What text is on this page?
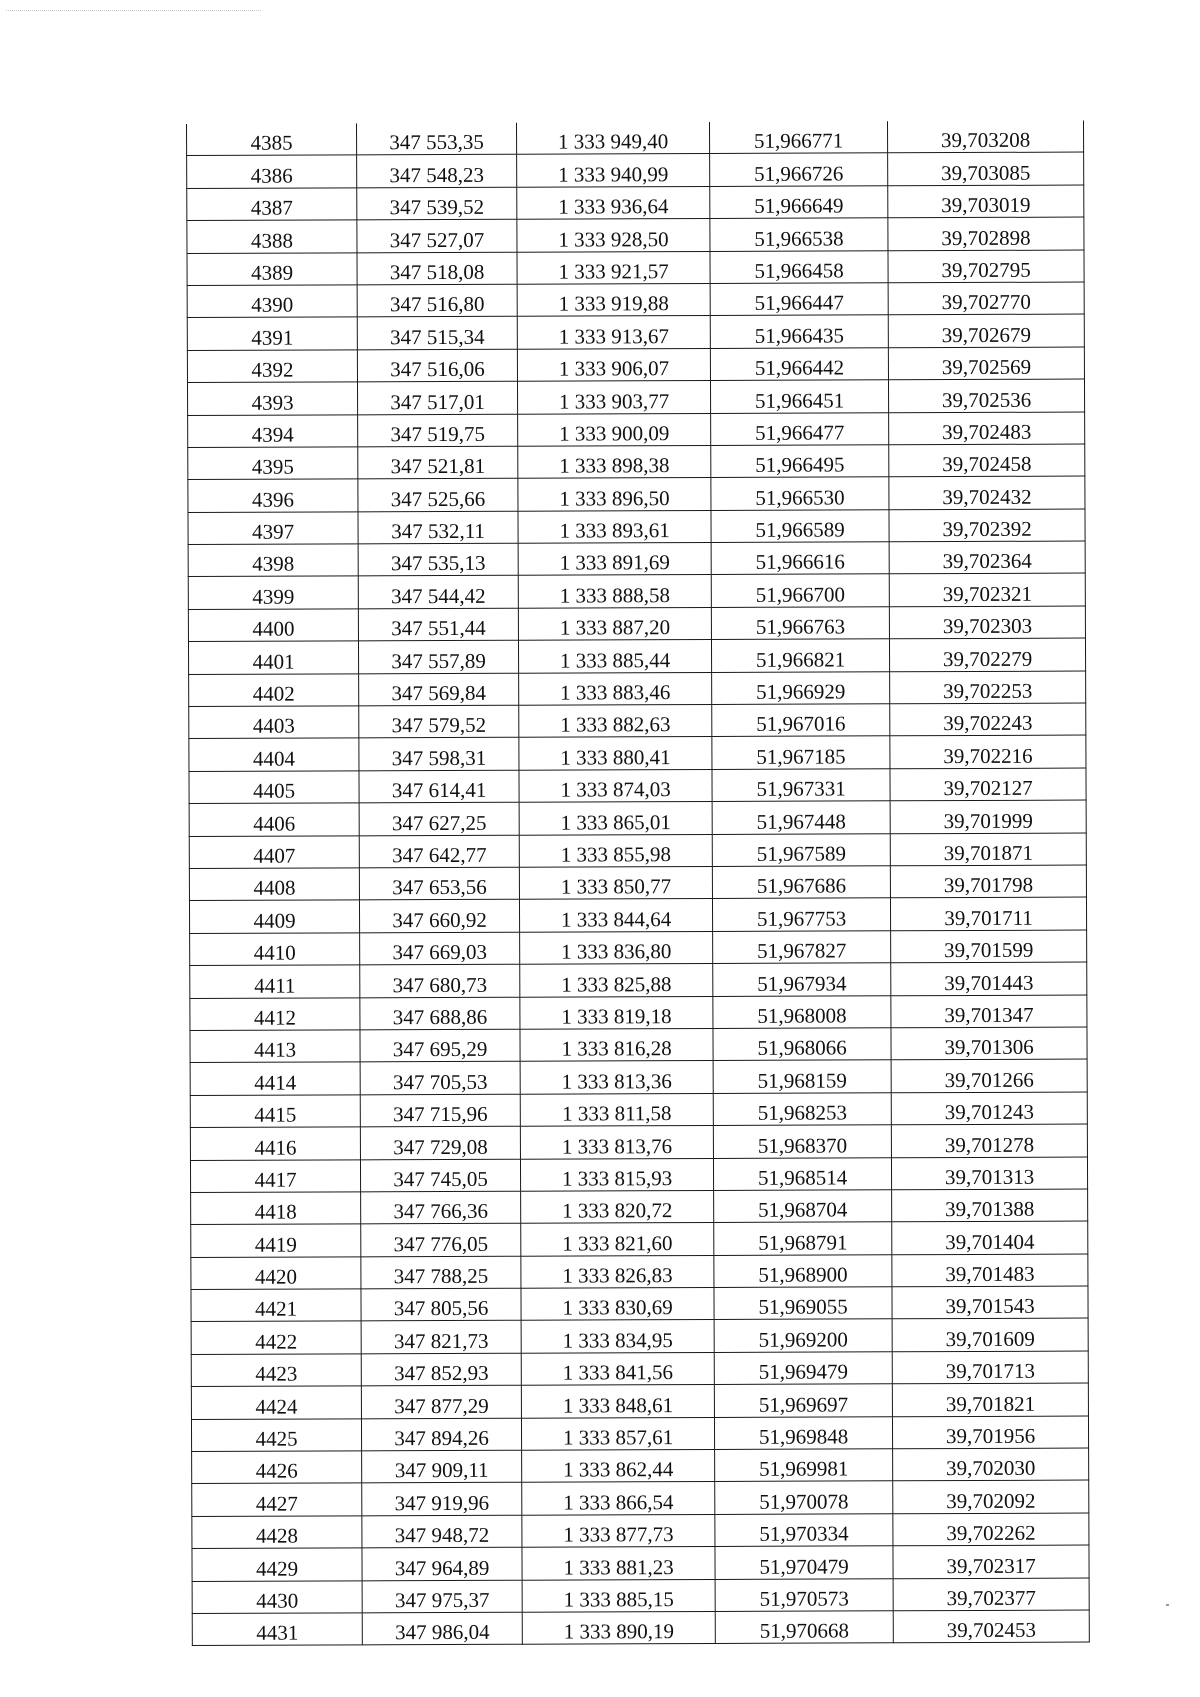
4385	347 553,35	1 333 949,40	51,966771	39,703208
4386	347 548,23	1 333 940,99	51,966726	39,703085
4387	347 539,52	1 333 936,64	51,966649	39,703019
4388	347 527,07	1 333 928,50	51,966538	39,702898
4389	347 518,08	1 333 921,57	51,966458	39,702795
4390	347 516,80	1 333 919,88	51,966447	39,702770
4391	347 515,34	1 333 913,67	51,966435	39,702679
4392	347 516,06	1 333 906,07	51,966442	39,702569
4393	347 517,01	1 333 903,77	51,966451	39,702536
4394	347 519,75	1 333 900,09	51,966477	39,702483
4395	347 521,81	1 333 898,38	51,966495	39,702458
4396	347 525,66	1 333 896,50	51,966530	39,702432
4397	347 532,11	1 333 893,61	51,966589	39,702392
4398	347 535,13	1 333 891,69	51,966616	39,702364
4399	347 544,42	1 333 888,58	51,966700	39,702321
4400	347 551,44	1 333 887,20	51,966763	39,702303
4401	347 557,89	1 333 885,44	51,966821	39,702279
4402	347 569,84	1 333 883,46	51,966929	39,702253
4403	347 579,52	1 333 882,63	51,967016	39,702243
4404	347 598,31	1 333 880,41	51,967185	39,702216
4405	347 614,41	1 333 874,03	51,967331	39,702127
4406	347 627,25	1 333 865,01	51,967448	39,701999
4407	347 642,77	1 333 855,98	51,967589	39,701871
4408	347 653,56	1 333 850,77	51,967686	39,701798
4409	347 660,92	1 333 844,64	51,967753	39,701711
4410	347 669,03	1 333 836,80	51,967827	39,701599
4411	347 680,73	1 333 825,88	51,967934	39,701443
4412	347 688,86	1 333 819,18	51,968008	39,701347
4413	347 695,29	1 333 816,28	51,968066	39,701306
4414	347 705,53	1 333 813,36	51,968159	39,701266
4415	347 715,96	1 333 811,58	51,968253	39,701243
4416	347 729,08	1 333 813,76	51,968370	39,701278
4417	347 745,05	1 333 815,93	51,968514	39,701313
4418	347 766,36	1 333 820,72	51,968704	39,701388
4419	347 776,05	1 333 821,60	51,968791	39,701404
4420	347 788,25	1 333 826,83	51,968900	39,701483
4421	347 805,56	1 333 830,69	51,969055	39,701543
4422	347 821,73	1 333 834,95	51,969200	39,701609
4423	347 852,93	1 333 841,56	51,969479	39,701713
4424	347 877,29	1 333 848,61	51,969697	39,701821
4425	347 894,26	1 333 857,61	51,969848	39,701956
4426	347 909,11	1 333 862,44	51,969981	39,702030
4427	347 919,96	1 333 866,54	51,970078	39,702092
4428	347 948,72	1 333 877,73	51,970334	39,702262
4429	347 964,89	1 333 881,23	51,970479	39,702317
4430	347 975,37	1 333 885,15	51,970573	39,702377
4431	347 986,04	1 333 890,19	51,970668	39,702453
